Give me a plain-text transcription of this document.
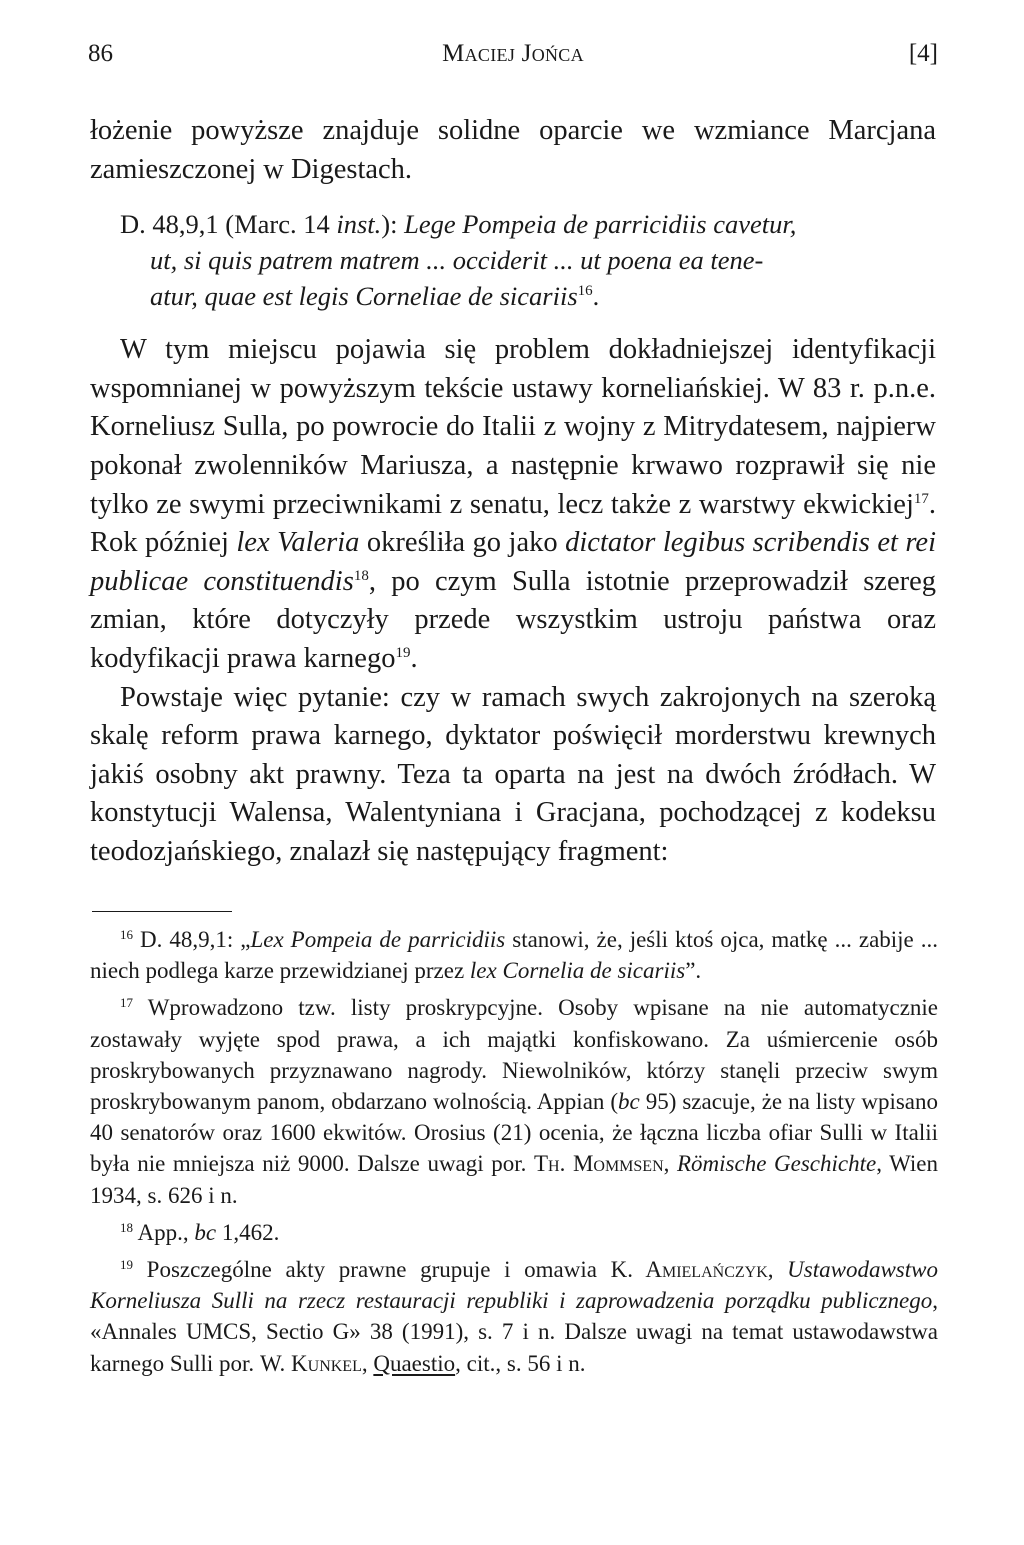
86	Maciej Jońca	[4]

łożenie powyższe znajduje solidne oparcie we wzmiance Marcjana zamieszczonej w Digestach.

D. 48,9,1 (Marc. 14 inst.): Lege Pompeia de parricidiis cavetur,
ut, si quis patrem matrem ... occiderit ... ut poena ea tene-
atur, quae est legis Corneliae de sicariis$^{16}$.

W tym miejscu pojawia się problem dokładniejszej identyfikacji wspomnianej w powyższym tekście ustawy korneliańskiej. W 83 r. p.n.e. Korneliusz Sulla, po powrocie do Italii z wojny z Mitrydatesem, najpierw pokonał zwolenników Mariusza, a następnie krwawo rozprawił się nie tylko ze swymi przeciwnikami z senatu, lecz także z warstwy ekwickiej$^{17}$. Rok później lex Valeria określiła go jako dictator legibus scribendis et rei publicae constituendis$^{18}$, po czym Sulla istotnie przeprowadził szereg zmian, które dotyczyły przede wszystkim ustroju państwa oraz kodyfikacji prawa karnego$^{19}$.

Powstaje więc pytanie: czy w ramach swych zakrojonych na szeroką skalę reform prawa karnego, dyktator poświęcił morderstwu krewnych jakiś osobny akt prawny. Teza ta oparta na jest na dwóch źródłach. W konstytucji Walensa, Walentyniana i Gracjana, pochodzącej z kodeksu teodozjańskiego, znalazł się następujący fragment:

$^{16}$ D. 48,9,1: „Lex Pompeia de parricidiis stanowi, że, jeśli ktoś ojca, matkę ... zabije ... niech podlega karze przewidzianej przez lex Cornelia de sicariis”.

$^{17}$ Wprowadzono tzw. listy proskrypcyjne. Osoby wpisane na nie automatycznie zostawały wyjęte spod prawa, a ich majątki konfiskowano. Za uśmiercenie osób proskrybowanych przyznawano nagrody. Niewolników, którzy stanęli przeciw swym proskrybowanym panom, obdarzano wolnością. Appian (bc 95) szacuje, że na listy wpisano 40 senatorów oraz 1600 ekwitów. Orosius (21) ocenia, że łączna liczba ofiar Sulli w Italii była nie mniejsza niż 9000. Dalsze uwagi por. Th. Mommsen, Römische Geschichte, Wien 1934, s. 626 i n.

$^{18}$ App., bc 1,462.

$^{19}$ Poszczególne akty prawne grupuje i omawia K. Amielańczyk, Ustawodawstwo Korneliusza Sulli na rzecz restauracji republiki i zaprowadzenia porządku publicznego, «Annales UMCS, Sectio G» 38 (1991), s. 7 i n. Dalsze uwagi na temat ustawodawstwa karnego Sulli por. W. Kunkel, Quaestio, cit., s. 56 i n.
